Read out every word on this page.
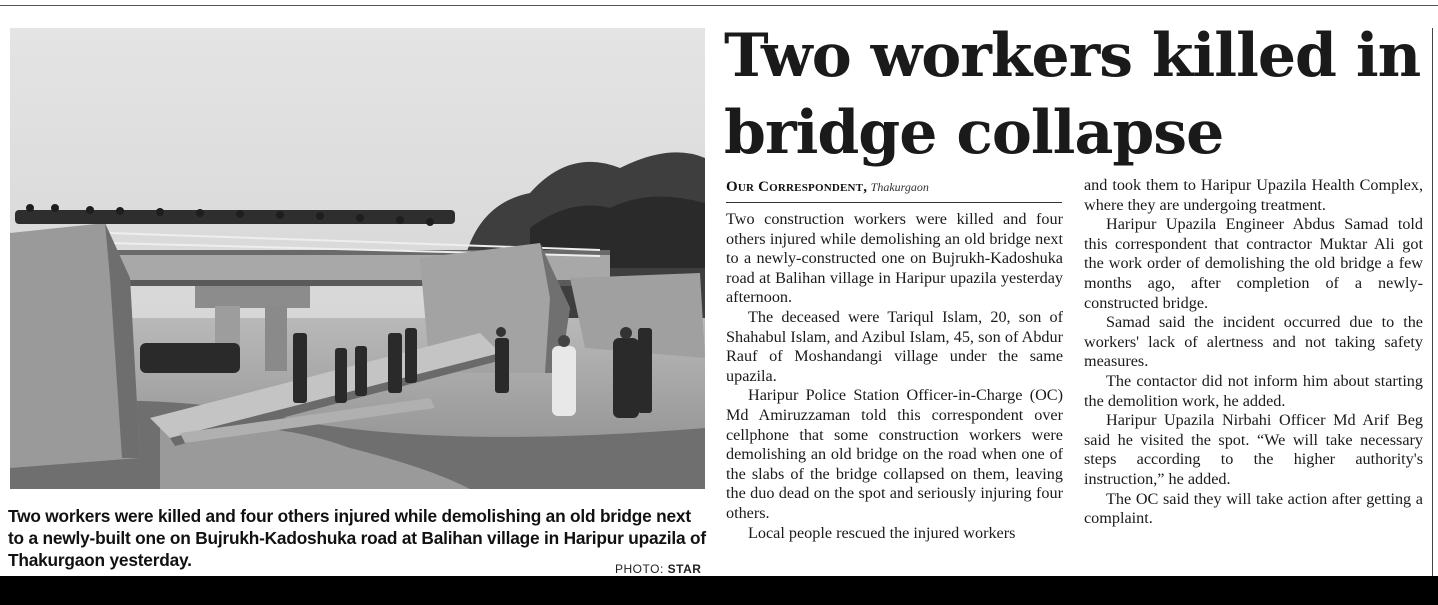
Two workers were killed and four others injured while demolishing an old bridge next to a newly-built one on Bujrukh-Kadoshuka road at Balihan village in Haripur upazila of Thakurgaon yesterday.	PHOTO: STAR
Two workers killed in bridge collapse
Our Correspondent, Thakurgaon

Two construction workers were killed and four others injured while demolishing an old bridge next to a newly-constructed one on Bujrukh-Kadoshuka road at Balihan village in Haripur upazila yesterday afternoon.

The deceased were Tariqul Islam, 20, son of Shahabul Islam, and Azibul Islam, 45, son of Abdur Rauf of Moshandangi village under the same upazila.

Haripur Police Station Officer-in-Charge (OC) Md Amiruzzaman told this correspondent over cellphone that some construction workers were demolishing an old bridge on the road when one of the slabs of the bridge collapsed on them, leaving the duo dead on the spot and seriously injuring four others.

Local people rescued the injured workers

and took them to Haripur Upazila Health Complex, where they are undergoing treatment.

Haripur Upazila Engineer Abdus Samad told this correspondent that contractor Muktar Ali got the work order of demolishing the old bridge a few months ago, after completion of a newly- constructed bridge.

Samad said the incident occurred due to the workers' lack of alertness and not taking safety measures.

The contactor did not inform him about starting the demolition work, he added.

Haripur Upazila Nirbahi Officer Md Arif Beg said he visited the spot. “We will take necessary steps according to the higher authority's instruction,” he added.

The OC said they will take action after getting a complaint.
